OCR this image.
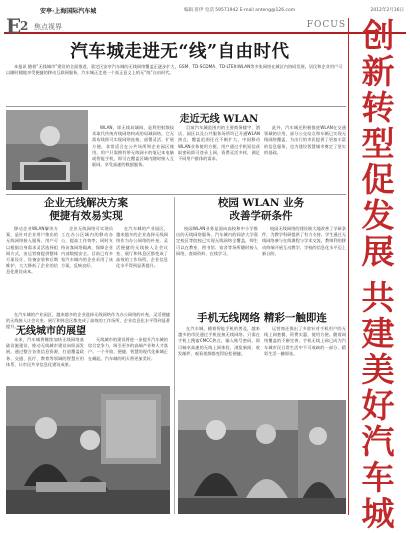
安亭·上海国际汽车城	编辑 蒋伊 电话 59571942 E-mail anteng@126.com	2012年2月16日
E
2 焦点视界	FOCUS 创新转型促发展
共建美好汽车城
汽车城走进无“线”自由时代
本报讯 随着“无线城市”建设的全面推进，嘉定区安亭汽车城的无线网络覆盖正逐步扩大，GSM、TD-SCDMA、TD-LTE和WLAN等多张网络在城区内协同发展。居民和企业用户可以随时随地享受便捷的移动互联网服务，汽车城正走进一个真正意义上的无“线”自由时代。
走近无线 WLAN
WLAN，即无线局域网，是利用射频技术取代传统有线网络构成的局域网络。它无需布线即可实现网络连接，部署灵活、扩展方便，非常适合在公共场所和企业园区使用。用户只需拥有带无线网卡的笔记本电脑或智能手机，即可在覆盖区域内随时接入互联网，享受高速的数据服务。
目前汽车城范围内的主要商务楼宇、酒店、园区以及公共服务场所均已开通WLAN热点，覆盖范围还在不断扩大。中国移动WLAN业务使用方便，用户通过手机短信获取密码即可登录上网，资费灵活多样，满足不同用户群体的需求。
此外，汽车城还积极推进WLAN在交通领域的应用，部分公交站点和车辆已实现无线网络覆盖，为出行的市民提供了更加丰富的信息服务，也为建设智慧城市奠定了坚实的基础。
企业无线解决方案
便捷有效易实现
移动企业WLAN解决方案，是针对企业用户推出的无线网络接入服务。用户可以根据自身需求灵活选择组网方式，由运营商提供整体方案设计、设备安装和后期维护，大大降低了企业的信息化建设成本。
企业无线网络可实现员工在办公区域内的移动办公，提高工作效率；同时支持访客网络隔离，保障企业内部数据安全。目前已有多家汽车城内的企业采用了该方案，反响良好。
在汽车城的产业园区，越来越多的企业选择无线网络作为办公网络的补充。灵活便捷的无线接入让会议室、展厅和休息区都变成了高效的工作场所，企业信息化水平得到显著提升。
校园 WLAN 业务
改善学研条件
校园WLAN业务是面向高校和中小学推出的无线网络服务。汽车城内的同济大学嘉定校区等院校已实现无线网络全覆盖，师生可以在教室、图书馆、宿舍等场所随时接入网络，查阅资料、在线学习。
校园无线网络的建设极大地改善了学研条件，为教学科研提供了有力支持。学生通过无线网络参与在线课程与学术交流，教师利用移动终端开展互动教学，学校的信息化水平迈上新台阶。
在汽车城的产业园区，越来越多的企业选择无线网络作为办公网络的补充。灵活便捷的无线接入让会议室、展厅和休息区都变成了高效的工作场所，企业信息化水平得到显著提升。
无线城市的展望
未来，汽车城将继续加快无线网络基础设施建设，推动无线城市建设向纵深发展。通过整合各类信息资源，打造覆盖政务、交通、医疗、教育等领域的智慧应用体系，让市民共享信息化建设成果。
无线城市的建设将进一步提升汽车城的综合竞争力，吸引更多的高端产业和人才落户。一个开放、便捷、智慧的现代化新城正在崛起，汽车城的明天将更加美好。
手机无线网络 精彩一触即连
在汽车城，随着智能手机的普及，越来越多的市民通过手机连接无线网络。只需在手机上搜索CMCC热点，输入账号密码，即可畅享高速的无线上网体验，浏览新闻、收发邮件、观看视频都变得轻松便捷。
运营商还推出了多款针对手机用户的无线上网套餐，资费实惠，使用方便。随着网络覆盖的不断完善，手机无线上网已成为汽车城市民日常生活中不可或缺的一部分，精彩生活一触即连。
